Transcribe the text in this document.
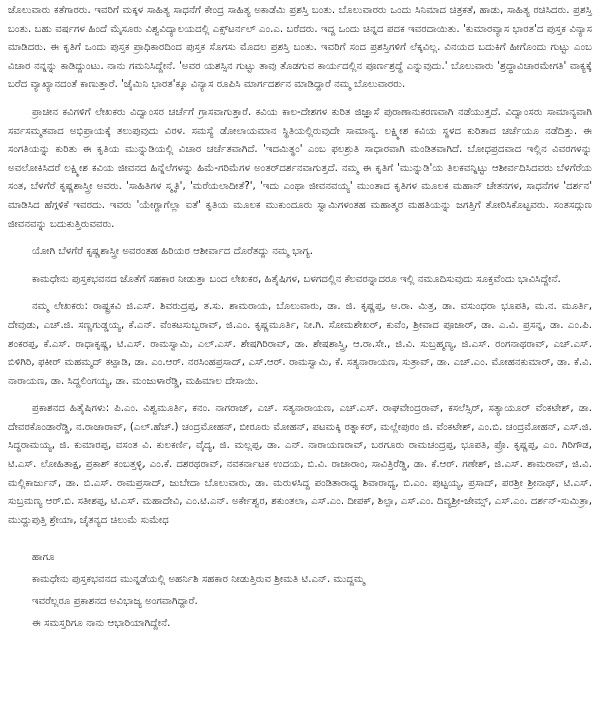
ಜೊಲುವಾರು ಕತೆಗಾರರು. ಇವರಿಗೆ ಮಕ್ಕಳ ಸಾಹಿತ್ಯ ಸಾಧನೆಗೆ ಕೇಂದ್ರ ಸಾಹಿತ್ಯ ಅಕಾಡೆಮಿ ಪ್ರಶಸ್ತಿ ಬಂತು. ಬೊಲುವಾರರು ಒಂದು ಸಿನಿಮಾದ ಚಿತ್ರಕತೆ, ಹಾಡು, ಸಾಹಿತ್ಯ ರಚಿಸಿದರು. ಪ್ರಶಸ್ತಿ ಬಂತು. ಬಹು ವರ್ಷಗಳ ಹಿಂದೆ ಮೈಸೂರು ವಿಶ್ವವಿದ್ಯಾಲಯದಲ್ಲಿ ಎಕ್ಸ್‌ಟರ್ನಲ್ ಎಂ.ಎ. ಬರೆದರು. ಇದ್ದ ಒಂದು ಚಿನ್ನದ ಪದಕ ಇವರದಾಯಿತು. 'ಕುಮಾರವ್ಯಾಸ ಭಾರತ'ದ ಪುಸ್ತಕ ವಿನ್ಯಾಸ ಮಾಡಿದರು. ಈ ಕೃತಿಗೆ ಒಂದು ಪುಸ್ತಕ ಪ್ರಾಧಿಕಾರದಿಂದ ಪುಸ್ತಕ ಸೊಗಸು ಮೊದಲ ಪ್ರಶಸ್ತಿ ಬಂತು. ಇವರಿಗೆ ಸಂದ ಪ್ರಶಸ್ತಿಗಳಿಗೆ ಲೆಕ್ಕವಿಲ್ಲ. ವಿನಯದ ಬದುಕಿಗೆ ಹೀಗೊಂದು ಗುಟ್ಟು ಎಂಬ ವಿಚಾರ ನನ್ನನ್ನು ಕಾಡಿದ್ದುಂಟು. ನಾನು ಗಮನಿಸಿದ್ದೇನೆ. 'ಅವರ ಯಶಸ್ಸಿನ ಗುಟ್ಟು ತಾವು ತೊಡಗುವ ಕಾರ್ಯದಲ್ಲಿನ ಪೂರ್ಣಶ್ರದ್ಧೆ ಎನ್ನುವುದು.' ಬೊಲುವಾರು 'ಶ್ರದ್ಧಾವಿಚಾರಮೇಗತಿ' ವಾಕ್ಯಕ್ಕೆ ಬರೆದ ವ್ಯಾಖ್ಯಾನದಂತೆ ಕಾಣುತ್ತಾರೆ. 'ಜೈಮಿನಿ ಭಾರತ'ಕ್ಕೂ ವಿನ್ಯಾಸ ರೂಪಿಸಿ ಮಾರ್ಗದರ್ಶನ ಮಾಡಿದ್ದಾರೆ ನಮ್ಮ ಬೊಲುವಾರರು.

ಪ್ರಾಚೀನ ಕವಿಗಳಿಗೆ ಲೇಖಕರು ವಿದ್ವಾಂಸರ ಚರ್ಚೆಗೆ ಗ್ರಾಸವಾಗುತ್ತಾರೆ. ಕವಿಯ ಕಾಲ-ದೇಶಗಳ ಕುರಿತ ಜಿಜ್ಞಾಸೆ ಪುರಾಣಾನುಕರಣವಾಗಿ ನಡೆಯುತ್ತದೆ. ವಿದ್ವಾಂಸರು ಸಾಮಾನ್ಯವಾಗಿ ಸರ್ವಸಮ್ಮತವಾದ ಅಭಿಪ್ರಾಯಕ್ಕೆ ತಲುಪುವುದು ವಿರಳ. ಸಮಸ್ಯೆ ಡೋಲಾಯಮಾನ ಸ್ಥಿತಿಯಲ್ಲಿರುವುದೇ ಸಾಮಾನ್ಯ. ಲಕ್ಷ್ಮೀಶ ಕವಿಯ ಸ್ಥಳದ ಕುರಿತಾದ ಚರ್ಚೆಯೂ ನಡೆದಿತ್ತು. ಈ ಸಂಗತಿಯನ್ನು ಕುರಿತು ಈ ಕೃತಿಯ ಮುನ್ನುಡಿಯಲ್ಲಿ ವಿಚಾರ ಚರ್ಚೆತವಾಗಿದೆ. 'ಇದಮಿತ್ಥಂ' ಎಂಬ ಫಲಶ್ರುತಿ ಸಾಧಾರವಾಗಿ ಮಂಡಿತವಾಗಿದೆ. ಬೋಧಪ್ರದವಾದ ಇಲ್ಲಿನ ವಿವರಗಳನ್ನು ಅವಲೋಕಿಸಿದರೆ ಲಕ್ಷ್ಮೀಶ ಕವಿಯ ಜೀವನದ ಹಿನ್ನೆಲೆಗಳನ್ನು ಹಿಮೆ-ಗರಿಮೆಗಳ ಅಂತರ್‌ದರ್ಶನವಾಗುತ್ತದೆ. ನಮ್ಮ ಈ ಕೃತಿಗೆ 'ಮುನ್ನುಡಿ'ಯ ತಿಲಕವನ್ನಿಟ್ಟು ಆಶೀರ್ವದಿಸಿದವರು ಬೆಳಗೆರೆಯ ಸಂತ, ಬೆಳಗೆರೆ ಕೃಷ್ಣಶಾಸ್ತ್ರೀ ಅವರು. 'ಸಾಹಿತಿಗಳ ಸ್ಮೃತಿ', 'ಮರೆಯಲಾದೀತೆ?', 'ಇದು ಎಂಥಾ ಜೀವನವಯ್ಯ' ಮುಂತಾದ ಕೃತಿಗಳ ಮೂಲಕ ಮಹಾನ್ ಚೇತನಗಳ, ಸಾಧನೆಗಳ 'ದರ್ಶನ' ಮಾಡಿಸಿದ ಹೆಗ್ಗಳಿಕೆ ಇವರದು. ಇವರು 'ಯೇಗ್ದಾಗೆಲ್ಲಾ ಐತೆ' ಕೃತಿಯ ಮೂಲಕ ಮುಕುಂದೂರು ಸ್ವಾಮಿಗಳಂತಹ ಮಹಾತ್ಮರ ಮಹತಿಯನ್ನು ಜಗತ್ತಿಗೆ ತೋರಿಸಿಕೊಟ್ಟವರು. ಸಂತಸದ್ಗುಣ ಜೀವನವನ್ನು ಬದುಕುತ್ತಿರುವವರು.

ಯೋಗಿ ಬೆಳಗೆರೆ ಕೃಷ್ಣಶಾಸ್ತ್ರೀ ಅವರಂತಹ ಹಿರಿಯರ ಆಶೀರ್ವಾದ ದೊರೆತದ್ದು ನಮ್ಮ ಭಾಗ್ಯ.

ಕಾಮಧೇನು ಪುಸ್ತಕಭವನದ ಜೊತೆಗೆ ಸಹಕಾರ ನೀಡುತ್ತಾ ಬಂದ ಲೇಖಕರ, ಹಿತೈಷಿಗಳ, ಬಳಗದಲ್ಲಿನ ಕೆಲವರನ್ನಾದರೂ ಇಲ್ಲಿ ನಮೂದಿಸುವುದು ಸೂಕ್ತವೆಂದು ಭಾವಿಸಿದ್ದೇನೆ.

ನಮ್ಮ ಲೇಖಕರು: ರಾಷ್ಟ್ರಕವಿ ಜಿ.ಎಸ್. ಶಿವರುದ್ರಪ್ಪ, ತ.ಸು. ಶಾಮರಾಯ, ಬೊಲುವಾರು, ಡಾ. ಜಿ. ಕೃಷ್ಣಪ್ಪ, ಅ.ರಾ. ಮಿತ್ರ, ಡಾ. ವಸುಂಧರಾ ಭೂಪತಿ, ಮ.ನ. ಮೂರ್ತಿ, ದೇವುಡು, ಎಚ್.ಜಿ. ಸಣ್ಣಗುಡ್ಡಯ್ಯ, ಕೆ.ಎನ್. ವೆಂಕಟಸುಬ್ಬರಾವ್, ಜಿ.ಎಂ. ಕೃಷ್ಣಮೂರ್ತಿ, ನೀ.ಗಿ. ಸೋಮಶೇಖರ್, ಕುವೆಂ, ಶ್ರೀವಾದ ಪೂಜಾರ್, ಡಾ. ಎ.ವಿ. ಪ್ರಸನ್ನ, ಡಾ. ಎಂ.ಪಿ. ಶಂಕರಪ್ಪ, ಕೆ.ಎಸ್. ರಾಧಾಕೃಷ್ಣ, ಟಿ.ಎಸ್. ರಾಮಸ್ವಾಮಿ, ಎಲ್.ಎಸ್. ಶೇಷಗಿರಿರಾವ್, ಡಾ. ಶೇಷಶಾಸ್ತ್ರಿ, ಆ.ರಾ.ಸೇ., ಜಿ.ವಿ. ಸುಬ್ರಹ್ಮಣ್ಯ, ಜಿ.ಎಸ್. ರಂಗನಾಥರಾವ್, ಎಚ್.ಎಸ್. ಬಿಳಿಗಿರಿ, ಫಕೀರ್ ಮಹಮ್ಮದ್ ಕಟ್ಪಾಡಿ, ಡಾ. ಎಂ.ಆರ್. ನರಸಿಂಹಪ್ರಸಾದ್, ಎಸ್.ಆರ್. ರಾಮಸ್ವಾಮಿ, ಕೆ. ಸತ್ಯನಾರಾಯಣ, ಸುತ್ರಾವ್, ಡಾ. ಎಚ್.ಎಂ. ಮೋಹನಕುಮಾರ್, ಡಾ. ಕೆ.ವಿ. ನಾರಾಯಣ, ಡಾ. ಸಿದ್ದಲಿಂಗಯ್ಯ, ಡಾ. ಮಂಜುಳಾರೆಡ್ಡಿ, ಮಹಿಮಾಲ ದೇಸಾಯಿ.

ಪ್ರಕಾಶನದ ಹಿತೈಷಿಗಳು: ಪಿ.ಎಂ. ವಿಶ್ವಮೂರ್ತಿ, ಕನಂ. ನಾಗರಾಜ್, ಎಚ್. ಸತ್ಯನಾರಾಯಣ, ಎಚ್.ಎಸ್. ರಾಘವೇಂದ್ರರಾವ್, ಕಸಲೆಸ್ಸಿರ್, ಸತ್ಯಾಯೂರ್ ವೆಂಕಟೇಶ್, ಡಾ. ದೇವರಕೊಂಡಾರೆಡ್ಡಿ, ನ.ರಾಜಾರಾವ್, (ಎಲ್.ಹೆಚ್.) ಚಂದ್ರಮೋಹನ್, ಬೀರೂರು ಮೋಹನ್, ಪಟಮಕ್ಕಿ ರತ್ನಾಕರ್, ಮಲ್ಲೇಪುರಂ ಜಿ. ವೆಂಕಟೇಶ್, ಎಂ.ಬಿ. ಚಂದ್ರಮೋಹನ್, ಎಸ್.ಜಿ. ಸಿದ್ಧರಾಮಯ್ಯ, ಜಿ. ಕುಮಾರಪ್ಪ, ವಸಂತ ವಿ. ಕುಲಕರ್ಣಿ, ವೈದ್ಯ, ಜಿ. ಮಲ್ಲಪ್ಪ, ಡಾ. ಎನ್. ನಾರಾಯಣರಾವ್, ಬರಗೂರು ರಾಮಚಂದ್ರಪ್ಪ, ಭೂಪತಿ, ಪ್ರೊ. ಕೃಷ್ಣಪ್ಪ, ಎಂ. ಗಿರಿಗೌಡ, ಟಿ.ಎಸ್. ಲೋಹಿತಾಕ್ಷ, ಪ್ರಕಾಶ್ ಕಂಬತ್ತಳ್ಳಿ, ಎಂ.ಕೆ. ದಶರಥರಾವ್, ನವಕರ್ನಾಟಕ ಉದಯ, ಬಿ.ವಿ. ರಾಜಾರಾಂ, ಸಾವಿತ್ರಿರೆಡ್ಡಿ, ಡಾ. ಕೆ.ಆರ್. ಗಣೇಶ್, ಜಿ.ಎಸ್. ಶಾಮರಾವ್, ಜಿ.ವಿ. ಮಲ್ಲಿಕಾರ್ಜುನ್, ಡಾ. ಬಿ.ಎಸ್. ರಾಮಪ್ರಸಾದ್, ಜುಬೇದಾ ಬೊಲುವಾರು, ಡಾ. ಮರುಳಸಿದ್ದ ಪಂಡಿತಾರಾಧ್ಯ ಶಿವಾರಾಧ್ಯ, ಬಿ.ಎಂ. ಪುಟ್ಟಯ್ಯ, ಪ್ರಸಾದ್, ಪರಶ್ರೀ ಶ್ರೀನಾಥ್, ಟಿ.ಎಸ್. ಸುಬ್ರಮಣ್ಯ ಆರ್.ಬಿ. ಸತೀಶಪ್ಪ, ಟಿ.ಎಸ್. ಮಹಾದೇವಿ, ಎಂ.ಟಿ.ಎನ್. ಅರ್ಕೇಶ್ವರ, ಶಕುಂತಲಾ, ಎಸ್.ಎಂ. ದೀಪಕ್, ಶಿಲ್ಪಾ, ಎಸ್.ಎಂ. ದಿವ್ಯಶ್ರೀ-ಜೇಮ್ಸ್, ಎಸ್.ಎಂ. ದರ್ಶನ್-ಸುಮಿತ್ರಾ, ಮುದ್ದುಪುತ್ತಿ ಶ್ರೇಯಾ, ಚೈತನ್ಯದ ಚಿಲುಮೆ ಸುಮೇಧ

ಹಾಗೂ

ಕಾಮಧೇನು ಪುಸ್ತಕಭವನದ ಮುನ್ನಡೆಯಲ್ಲಿ ಅಹರ್ನಿಶಿ ಸಹಕಾರ ನೀಡುತ್ತಿರುವ ಶ್ರೀಮತಿ ಟಿ.ಎನ್. ಮುದ್ದಮ್ಮ

ಇವರೆಲ್ಲರೂ ಪ್ರಕಾಶನದ ಅವಿಭಾಜ್ಯ ಅಂಗವಾಗಿದ್ದಾರೆ.

ಈ ಸಮಸ್ತರಿಗೂ ನಾನು ಆಭಾರಿಯಾಗಿದ್ದೇನೆ.
